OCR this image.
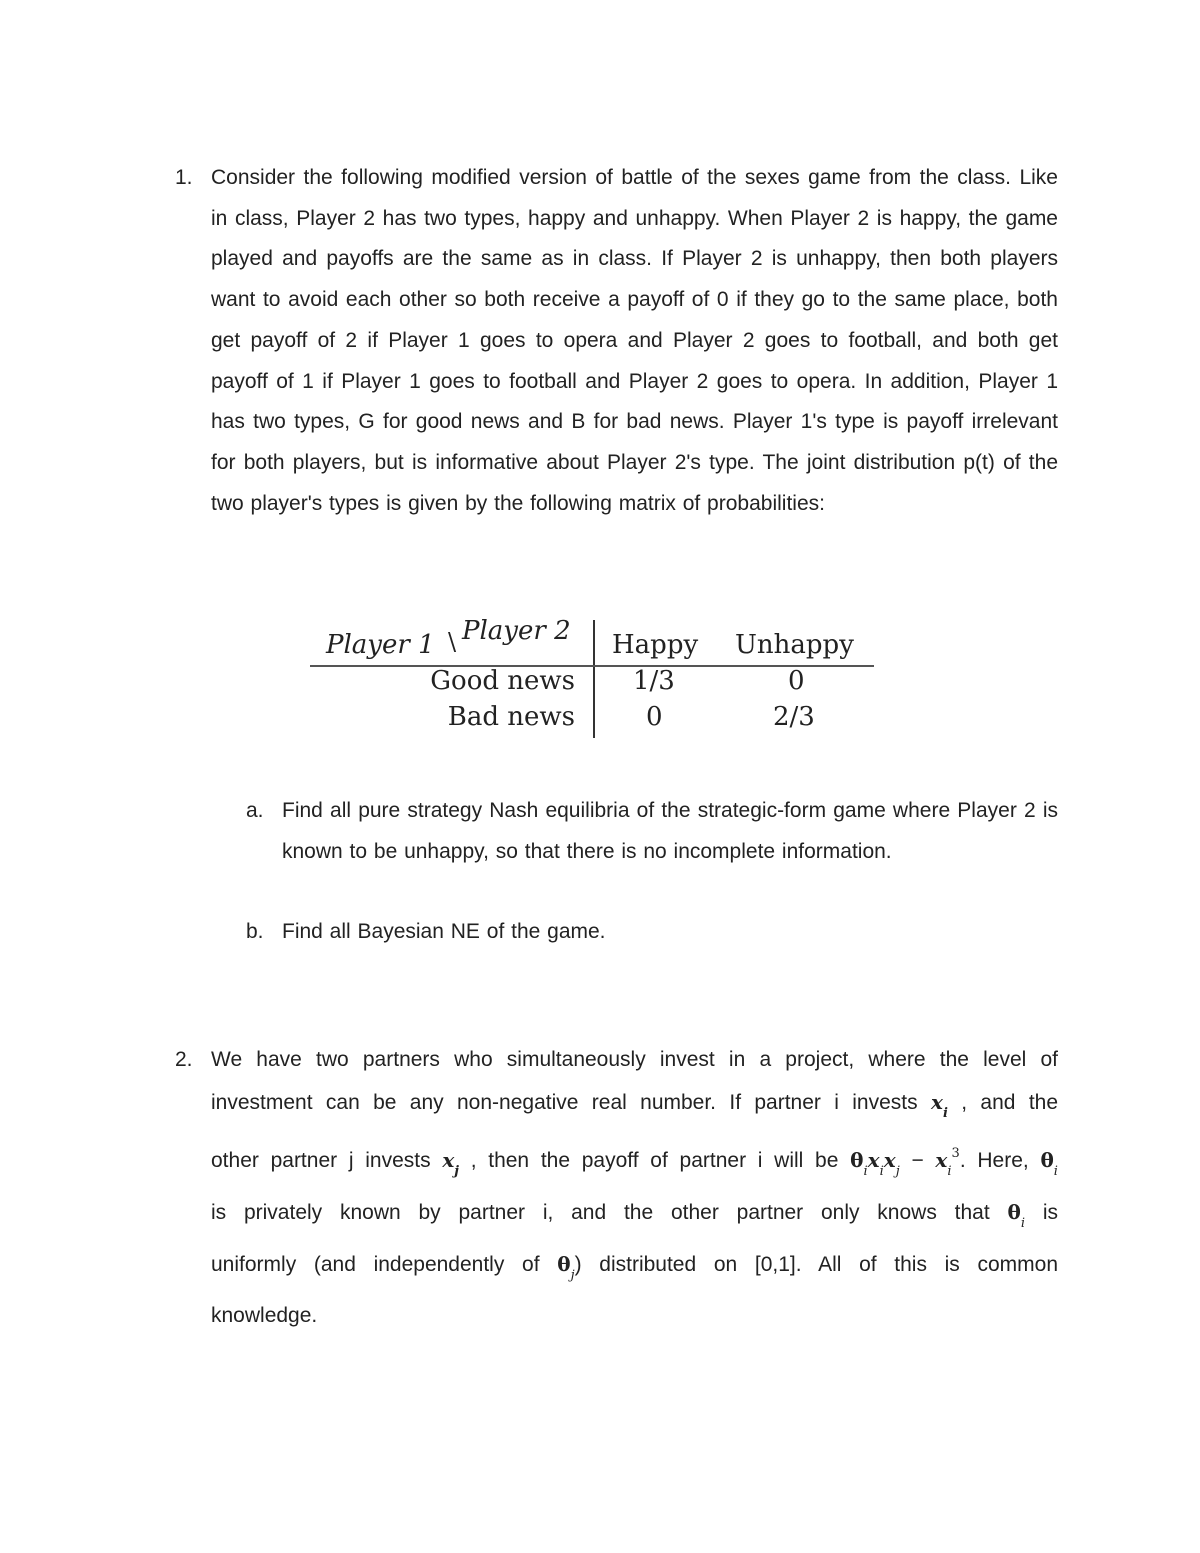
1. Consider the following modified version of battle of the sexes game from the class. Like in class, Player 2 has two types, happy and unhappy. When Player 2 is happy, the game played and payoffs are the same as in class. If Player 2 is unhappy, then both players want to avoid each other so both receive a payoff of 0 if they go to the same place, both get payoff of 2 if Player 1 goes to opera and Player 2 goes to football, and both get payoff of 1 if Player 1 goes to football and Player 2 goes to opera. In addition, Player 1 has two types, G for good news and B for bad news. Player 1's type is payoff irrelevant for both players, but is informative about Player 2's type. The joint distribution p(t) of the two player's types is given by the following matrix of probabilities:
Player 1 \ Player 2 Happy Unhappy
Good news
Bad news
1/3	0
0	2/3
a. Find all pure strategy Nash equilibria of the strategic-form game where Player 2 is known to be unhappy, so that there is no incomplete information.
b. Find all Bayesian NE of the game.
2. We have two partners who simultaneously invest in a project, where the level of
investment can be any non-negative real number. If partner i invests $x_i$ , and the
other partner j invests $x_j$ , then the payoff of partner i will be $\theta_ix_ix_j - x_i^3$. Here, $\theta_i$
is privately known by partner i, and the other partner only knows that $\theta_i$ is
uniformly (and independently of $\theta_j$) distributed on [0,1]. All of this is common
knowledge.
